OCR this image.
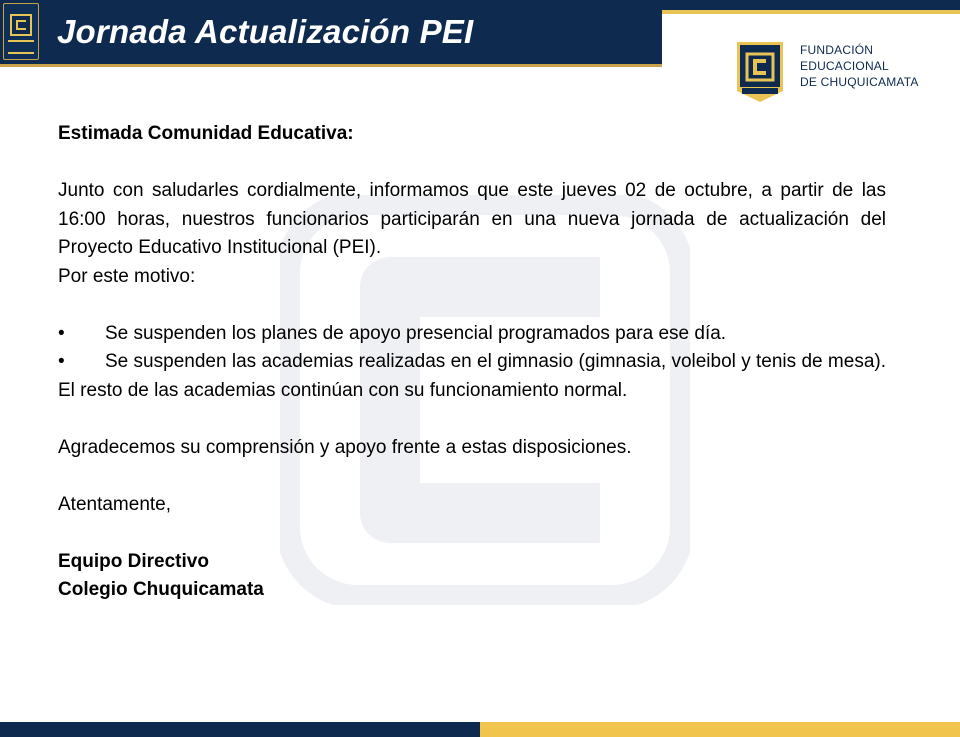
Jornada Actualización PEI	FUNDACIÓN
EDUCACIONAL
DE CHUQUICAMATA

Estimada Comunidad Educativa:

Junto con saludarles cordialmente, informamos que este jueves 02 de octubre, a partir de las 16:00 horas, nuestros funcionarios participarán en una nueva jornada de actualización del Proyecto Educativo Institucional (PEI).

Por este motivo:

• Se suspenden los planes de apoyo presencial programados para ese día.

• Se suspenden las academias realizadas en el gimnasio (gimnasia, voleibol y tenis de mesa). El resto de las academias continúan con su funcionamiento normal.

Agradecemos su comprensión y apoyo frente a estas disposiciones.

Atentamente,

Equipo Directivo

Colegio Chuquicamata
